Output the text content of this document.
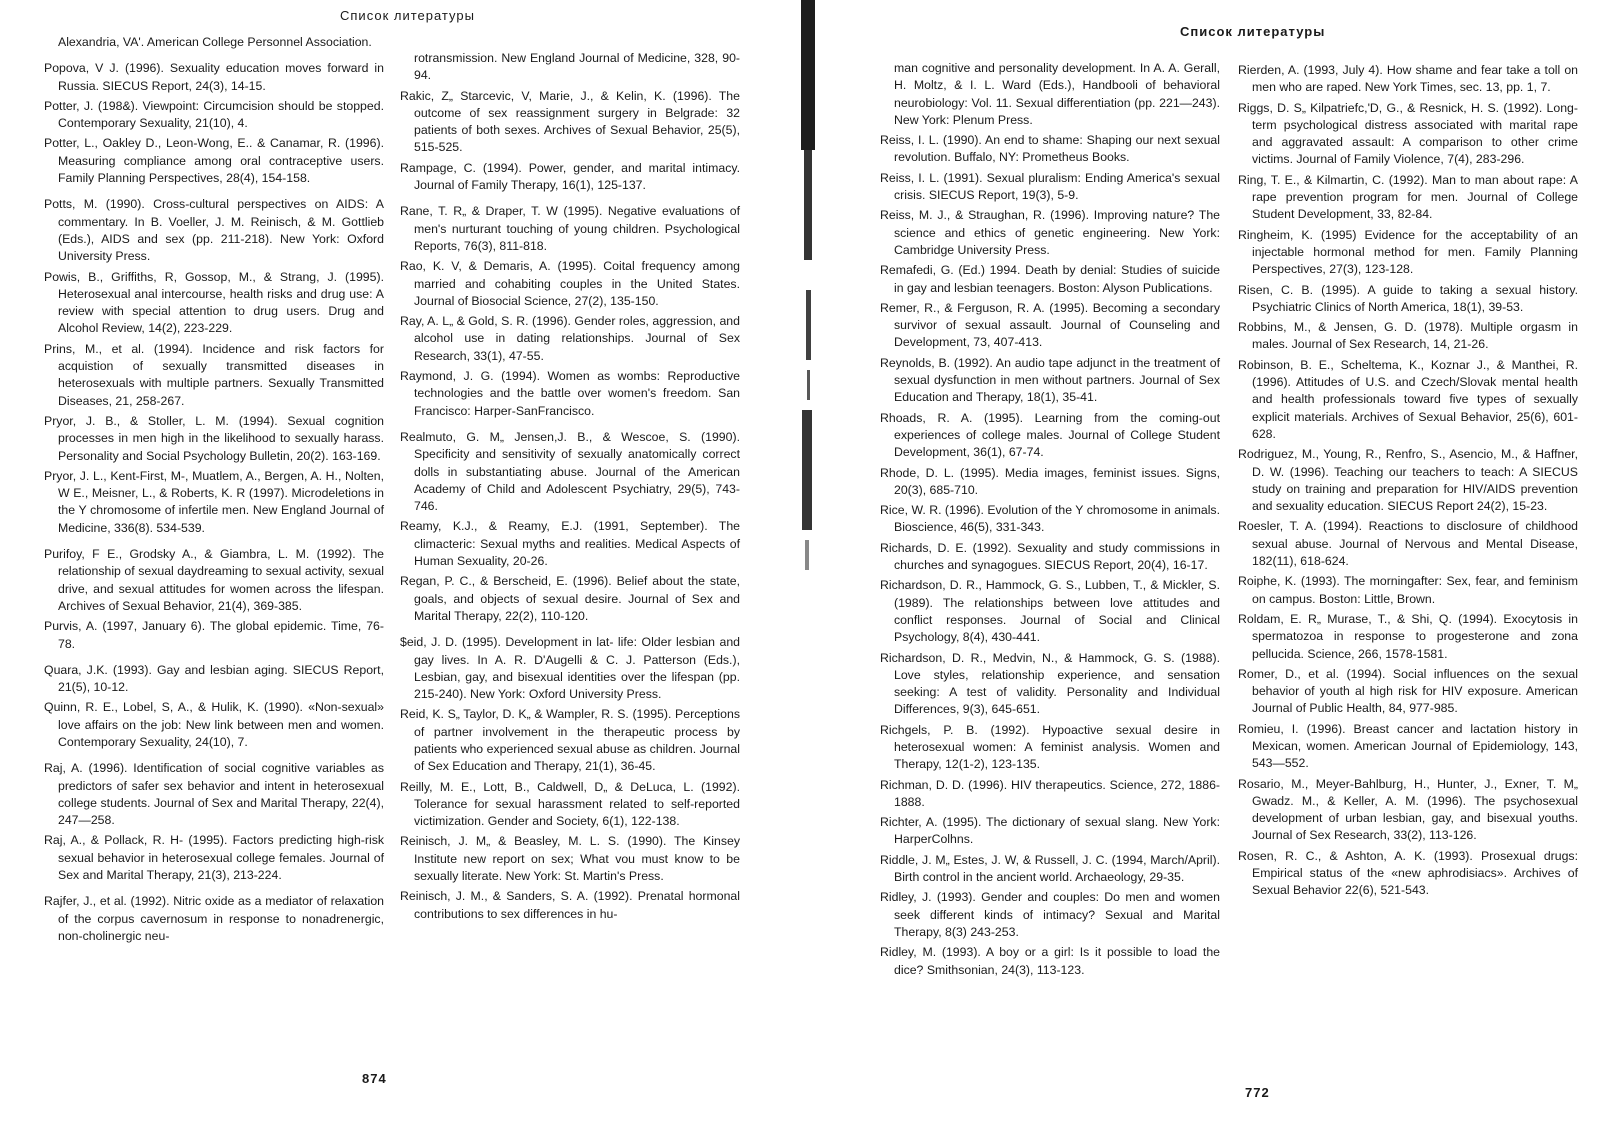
Список литературы

Alexandria, VA'. American College Personnel Association.

Popova, V J. (1996). Sexuality education moves forward in Russia. SIECUS Report, 24(3), 14-15.

Potter, J. (198&). Viewpoint: Circumcision should be stopped. Contemporary Sexuality, 21(10), 4.

Potter, L., Oakley D., Leon-Wong, E.. & Canamar, R. (1996). Measuring compliance among oral contraceptive users. Family Planning Perspectives, 28(4), 154-158.

Potts, M. (1990). Cross-cultural perspectives on AIDS: A commentary. In B. Voeller, J. M. Reinisch, & M. Gottlieb (Eds.), AIDS and sex (pp. 211-218). New York: Oxford University Press.

Powis, B., Griffiths, R, Gossop, M., & Strang, J. (1995). Heterosexual anal intercourse, health risks and drug use: A review with special attention to drug users. Drug and Alcohol Review, 14(2), 223-229.

Prins, M., et al. (1994). Incidence and risk factors for acquistion of sexually transmitted diseases in heterosexuals with multiple partners. Sexually Transmitted Diseases, 21, 258-267.

Pryor, J. B., & Stoller, L. M. (1994). Sexual cognition processes in men high in the likelihood to sexually harass. Personality and Social Psychology Bulletin, 20(2). 163-169.

Pryor, J. L., Kent-First, M-, Muatlem, A., Bergen, A. H., Nolten, W E., Meisner, L., & Roberts, K. R (1997). Microdeletions in the Y chromosome of infertile men. New England Journal of Medicine, 336(8). 534-539.

Purifoy, F E., Grodsky A., & Giambra, L. M. (1992). The relationship of sexual daydreaming to sexual activity, sexual drive, and sexual attitudes for women across the lifespan. Archives of Sexual Behavior, 21(4), 369-385.

Purvis, A. (1997, January 6). The global epidemic. Time, 76-78.

Quara, J.K. (1993). Gay and lesbian aging. SIECUS Report, 21(5), 10-12.

Quinn, R. E., Lobel, S, A., & Hulik, K. (1990). «Non-sexual» love affairs on the job: New link between men and women. Contemporary Sexuality, 24(10), 7.

Raj, A. (1996). Identification of social cognitive variables as predictors of safer sex behavior and intent in heterosexual college students. Journal of Sex and Marital Therapy, 22(4), 247—258.

Raj, A., & Pollack, R. H- (1995). Factors predicting high-risk sexual behavior in heterosexual college females. Journal of Sex and Marital Therapy, 21(3), 213-224.

Rajfer, J., et al. (1992). Nitric oxide as a mediator of relaxation of the corpus cavernosum in response to nonadrenergic, non-cholinergic neu-

rotransmission. New England Journal of Medicine, 328, 90-94.

Rakic, Z„ Starcevic, V, Marie, J., & Kelin, K. (1996). The outcome of sex reassignment surgery in Belgrade: 32 patients of both sexes. Archives of Sexual Behavior, 25(5), 515-525.

Rampage, C. (1994). Power, gender, and marital intimacy. Journal of Family Therapy, 16(1), 125-137.

Rane, T. R„ & Draper, T. W (1995). Negative evaluations of men's nurturant touching of young children. Psychological Reports, 76(3), 811-818.

Rao, K. V, & Demaris, A. (1995). Coital frequency among married and cohabiting couples in the United States. Journal of Biosocial Science, 27(2), 135-150.

Ray, A. L„ & Gold, S. R. (1996). Gender roles, aggression, and alcohol use in dating relationships. Journal of Sex Research, 33(1), 47-55.

Raymond, J. G. (1994). Women as wombs: Reproductive technologies and the battle over women's freedom. San Francisco: Harper-SanFrancisco.

Realmuto, G. M„ Jensen,J. B., & Wescoe, S. (1990). Specificity and sensitivity of sexually anatomically correct dolls in substantiating abuse. Journal of the American Academy of Child and Adolescent Psychiatry, 29(5), 743-746.

Reamy, K.J., & Reamy, E.J. (1991, September). The climacteric: Sexual myths and realities. Medical Aspects of Human Sexuality, 20-26.

Regan, P. C., & Berscheid, E. (1996). Belief about the state, goals, and objects of sexual desire. Journal of Sex and Marital Therapy, 22(2), 110-120.

$eid, J. D. (1995). Development in lat- life: Older lesbian and gay lives. In A. R. D'Augelli & C. J. Patterson (Eds.), Lesbian, gay, and bisexual identities over the lifespan (pp. 215-240). New York: Oxford University Press.

Reid, K. S„ Taylor, D. K„ & Wampler, R. S. (1995). Perceptions of partner involvement in the therapeutic process by patients who experienced sexual abuse as children. Journal of Sex Education and Therapy, 21(1), 36-45.

Reilly, M. E., Lott, B., Caldwell, D„ & DeLuca, L. (1992). Tolerance for sexual harassment related to self-reported victimization. Gender and Society, 6(1), 122-138.

Reinisch, J. M„ & Beasley, M. L. S. (1990). The Kinsey Institute new report on sex; What vou must know to be sexually literate. New York: St. Martin's Press.

Reinisch, J. M., & Sanders, S. A. (1992). Prenatal hormonal contributions to sex differences in hu-

874
Список литературы

man cognitive and personality development. In A. A. Gerall, H. Moltz, & I. L. Ward (Eds.), Handbooli of behavioral neurobiology: Vol. 11. Sexual differentiation (pp. 221—243). New York: Plenum Press.

Reiss, I. L. (1990). An end to shame: Shaping our next sexual revolution. Buffalo, NY: Prometheus Books.

Reiss, I. L. (1991). Sexual pluralism: Ending America's sexual crisis. SIECUS Report, 19(3), 5-9.

Reiss, M. J., & Straughan, R. (1996). Improving nature? The science and ethics of genetic engineering. New York: Cambridge University Press.

Remafedi, G. (Ed.) 1994. Death by denial: Studies of suicide in gay and lesbian teenagers. Boston: Alyson Publications.

Remer, R., & Ferguson, R. A. (1995). Becoming a secondary survivor of sexual assault. Journal of Counseling and Development, 73, 407-413.

Reynolds, B. (1992). An audio tape adjunct in the treatment of sexual dysfunction in men without partners. Journal of Sex Education and Therapy, 18(1), 35-41.

Rhoads, R. A. (1995). Learning from the coming-out experiences of college males. Journal of College Student Development, 36(1), 67-74.

Rhode, D. L. (1995). Media images, feminist issues. Signs, 20(3), 685-710.

Rice, W. R. (1996). Evolution of the Y chromosome in animals. Bioscience, 46(5), 331-343.

Richards, D. E. (1992). Sexuality and study commissions in churches and synagogues. SIECUS Report, 20(4), 16-17.

Richardson, D. R., Hammock, G. S., Lubben, T., & Mickler, S. (1989). The relationships between love attitudes and conflict responses. Journal of Social and Clinical Psychology, 8(4), 430-441.

Richardson, D. R., Medvin, N., & Hammock, G. S. (1988). Love styles, relationship experience, and sensation seeking: A test of validity. Personality and Individual Differences, 9(3), 645-651.

Richgels, P. B. (1992). Hypoactive sexual desire in heterosexual women: A feminist analysis. Women and Therapy, 12(1-2), 123-135.

Richman, D. D. (1996). HIV therapeutics. Science, 272, 1886-1888.

Richter, A. (1995). The dictionary of sexual slang. New York: HarperColhns.

Riddle, J. M„ Estes, J. W, & Russell, J. C. (1994, March/April). Birth control in the ancient world. Archaeology, 29-35.

Ridley, J. (1993). Gender and couples: Do men and women seek different kinds of intimacy? Sexual and Marital Therapy, 8(3) 243-253.

Ridley, M. (1993). A boy or a girl: Is it possible to load the dice? Smithsonian, 24(3), 113-123.

Rierden, A. (1993, July 4). How shame and fear take a toll on men who are raped. New York Times, sec. 13, pp. 1, 7.

Riggs, D. S„ Kilpatriefc,'D, G., & Resnick, H. S. (1992). Long-term psychological distress associated with marital rape and aggravated assault: A comparison to other crime victims. Journal of Family Violence, 7(4), 283-296.

Ring, T. E., & Kilmartin, C. (1992). Man to man about rape: A rape prevention program for men. Journal of College Student Development, 33, 82-84.

Ringheim, K. (1995) Evidence for the acceptability of an injectable hormonal method for men. Family Planning Perspectives, 27(3), 123-128.

Risen, C. B. (1995). A guide to taking a sexual history. Psychiatric Clinics of North America, 18(1), 39-53.

Robbins, M., & Jensen, G. D. (1978). Multiple orgasm in males. Journal of Sex Research, 14, 21-26.

Robinson, B. E., Scheltema, K., Koznar J., & Manthei, R. (1996). Attitudes of U.S. and Czech/Slovak mental health and health professionals toward five types of sexually explicit materials. Archives of Sexual Behavior, 25(6), 601-628.

Rodriguez, M., Young, R., Renfro, S., Asencio, M., & Haffner, D. W. (1996). Teaching our teachers to teach: A SIECUS study on training and preparation for HIV/AIDS prevention and sexuality education. SIECUS Report 24(2), 15-23.

Roesler, T. A. (1994). Reactions to disclosure of childhood sexual abuse. Journal of Nervous and Mental Disease, 182(11), 618-624.

Roiphe, K. (1993). The morningafter: Sex, fear, and feminism on campus. Boston: Little, Brown.

Roldam, E. R„ Murase, T., & Shi, Q. (1994). Exocytosis in spermatozoa in response to progesterone and zona pellucida. Science, 266, 1578-1581.

Romer, D., et al. (1994). Social influences on the sexual behavior of youth al high risk for HIV exposure. American Journal of Public Health, 84, 977-985.

Romieu, I. (1996). Breast cancer and lactation history in Mexican, women. American Journal of Epidemiology, 143, 543—552.

Rosario, M., Meyer-Bahlburg, H., Hunter, J., Exner, T. M„ Gwadz. M., & Keller, A. M. (1996). The psychosexual development of urban lesbian, gay, and bisexual youths. Journal of Sex Research, 33(2), 113-126.

Rosen, R. C., & Ashton, A. K. (1993). Prosexual drugs: Empirical status of the «new aphrodisiacs». Archives of Sexual Behavior 22(6), 521-543.

772
